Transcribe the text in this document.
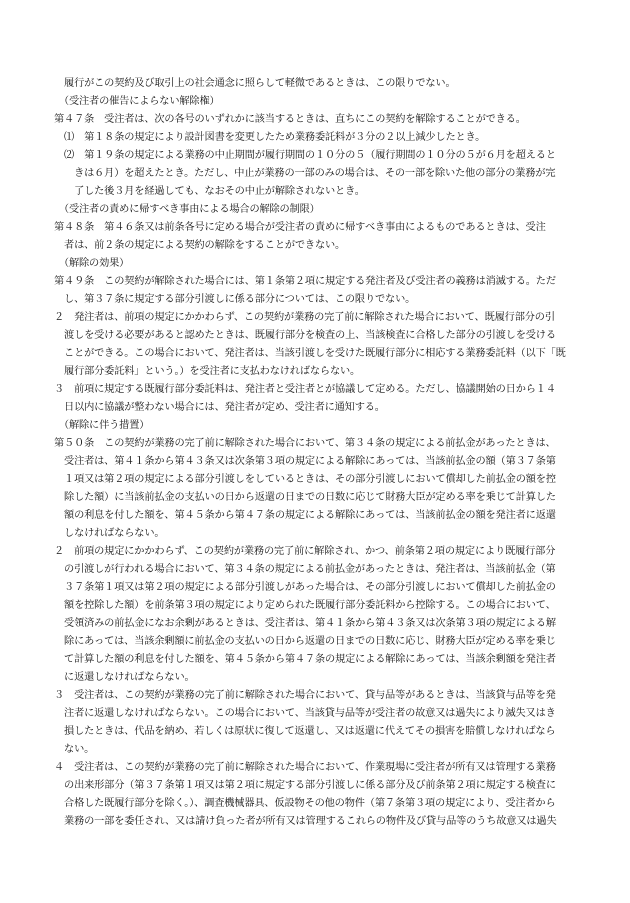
　履行がこの契約及び取引上の社会通念に照らして軽微であるときは、この限りでない。
　（受注者の催告によらない解除権）
第４７条　受注者は、次の各号のいずれかに該当するときは、直ちにこの契約を解除することができる。
　⑴　第１８条の規定により設計図書を変更したため業務委託料が３分の２以上減少したとき。
　⑵　第１９条の規定による業務の中止期間が履行期間の１０分の５（履行期間の１０分の５が６月を超えると
　　きは６月）を超えたとき。ただし、中止が業務の一部のみの場合は、その一部を除いた他の部分の業務が完
　　了した後３月を経過しても、なおその中止が解除されないとき。
　（受注者の責めに帰すべき事由による場合の解除の制限）
第４８条　第４６条又は前条各号に定める場合が受注者の責めに帰すべき事由によるものであるときは、受注
　者は、前２条の規定による契約の解除をすることができない。
　（解除の効果）
第４９条　この契約が解除された場合には、第１条第２項に規定する発注者及び受注者の義務は消滅する。ただ
　し、第３７条に規定する部分引渡しに係る部分については、この限りでない。
２　発注者は、前項の規定にかかわらず、この契約が業務の完了前に解除された場合において、既履行部分の引
　渡しを受ける必要があると認めたときは、既履行部分を検査の上、当該検査に合格した部分の引渡しを受ける
　ことができる。この場合において、発注者は、当該引渡しを受けた既履行部分に相応する業務委託料（以下「既
　履行部分委託料」という。）を受注者に支払わなければならない。
３　前項に規定する既履行部分委託料は、発注者と受注者とが協議して定める。ただし、協議開始の日から１４
　日以内に協議が整わない場合には、発注者が定め、受注者に通知する。
　（解除に伴う措置）
第５０条　この契約が業務の完了前に解除された場合において、第３４条の規定による前払金があったときは、
　受注者は、第４１条から第４３条又は次条第３項の規定による解除にあっては、当該前払金の額（第３７条第
　１項又は第２項の規定による部分引渡しをしているときは、その部分引渡しにおいて償却した前払金の額を控
　除した額）に当該前払金の支払いの日から返還の日までの日数に応じて財務大臣が定める率を乗じて計算した
　額の利息を付した額を、第４５条から第４７条の規定による解除にあっては、当該前払金の額を発注者に返還
　しなければならない。
２　前項の規定にかかわらず、この契約が業務の完了前に解除され、かつ、前条第２項の規定により既履行部分
　の引渡しが行われる場合において、第３４条の規定による前払金があったときは、発注者は、当該前払金（第
　３７条第１項又は第２項の規定による部分引渡しがあった場合は、その部分引渡しにおいて償却した前払金の
　額を控除した額）を前条第３項の規定により定められた既履行部分委託料から控除する。この場合において、
　受領済みの前払金になお余剰があるときは、受注者は、第４１条から第４３条又は次条第３項の規定による解
　除にあっては、当該余剰額に前払金の支払いの日から返還の日までの日数に応じ、財務大臣が定める率を乗じ
　て計算した額の利息を付した額を、第４５条から第４７条の規定による解除にあっては、当該余剰額を発注者
　に返還しなければならない。
３　受注者は、この契約が業務の完了前に解除された場合において、貸与品等があるときは、当該貸与品等を発
　注者に返還しなければならない。この場合において、当該貸与品等が受注者の故意又は過失により滅失又はき
　損したときは、代品を納め、若しくは原状に復して返還し、又は返還に代えてその損害を賠償しなければなら
　ない。
４　受注者は、この契約が業務の完了前に解除された場合において、作業現場に受注者が所有又は管理する業務
　の出来形部分（第３７条第１項又は第２項に規定する部分引渡しに係る部分及び前条第２項に規定する検査に
　合格した既履行部分を除く。）、調査機械器具、仮設物その他の物件（第７条第３項の規定により、受注者から
　業務の一部を委任され、又は請け負った者が所有又は管理するこれらの物件及び貸与品等のうち故意又は過失
